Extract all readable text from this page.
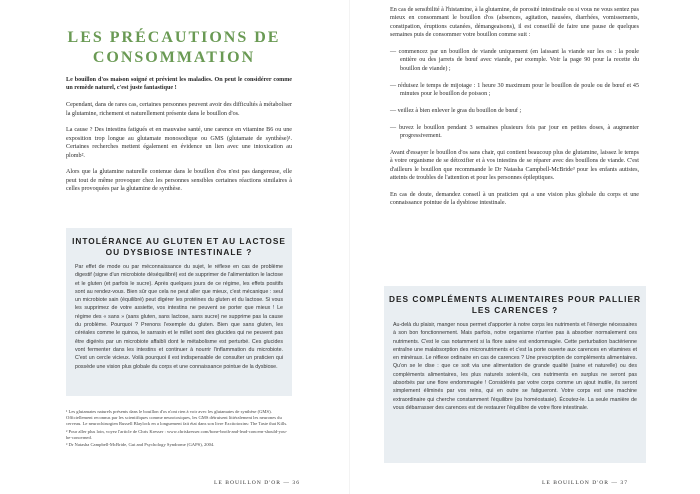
LES PRÉCAUTIONS DE
CONSOMMATION

Le bouillon d'os maison soigné et prévient les maladies. On peut le considérer comme un remède naturel, c'est juste fantastique !

Cependant, dans de rares cas, certaines personnes peuvent avoir des difficultés à métaboliser la glutamine, richement et naturellement présente dans le bouillon d'os.

La cause ? Des intestins fatigués et en mauvaise santé, une carence en vitamine B6 ou une exposition trop longue au glutamate monosodique ou GMS (glutamate de synthèse)¹. Certaines recherches mettent également en évidence un lien avec une intoxication au plomb².

Alors que la glutamine naturelle contenue dans le bouillon d'os n'est pas dangereuse, elle peut tout de même provoquer chez les personnes sensibles certaines réactions similaires à celles provoquées par la glutamine de synthèse.

INTOLÉRANCE AU GLUTEN ET AU LACTOSE OU DYSBIOSE INTESTINALE ?
Par effet de mode ou par méconnaissance du sujet, le réflexe en cas de problème digestif (signe d'un microbiote déséquilibré) est de supprimer de l'alimentation le lactose et le gluten (et parfois le sucre). Après quelques jours de ce régime, les effets positifs sont au rendez-vous. Bien sûr que cela ne peut aller que mieux, c'est mécanique : seul un microbiote sain (équilibré) peut digérer les protéines du gluten et du lactose. Si vous les supprimez de votre assiette, vos intestins ne peuvent se porter que mieux ! Le régime des « sans » (sans gluten, sans lactose, sans sucre) ne supprime pas la cause du problème. Pourquoi ? Prenons l'exemple du gluten. Bien que sans gluten, les céréales comme le quinoa, le sarrasin et le millet sont des glucides qui ne peuvent pas être digérés par un microbiote affaibli dont le métabolisme est perturbé. Ces glucides vont fermenter dans les intestins et continuer à nourrir l'inflammation du microbiote. C'est un cercle vicieux. Voilà pourquoi il est indispensable de consulter un praticien qui possède une vision plus globale du corps et une connaissance pointue de la dysbiose.
¹ Les glutamates naturels présents dans le bouillon d'os n'ont rien à voir avec les glutamates de synthèse (GMS). Officiellement reconnus par les scientifiques comme neurotoxiques, les GMS détruisent littéralement les neurones du cerveau. Le neurochirurgien Russell Blaylock en a longuement fait état dans son livre Excitotoxins: The Taste that Kills.
² Pour aller plus loin, voyez l'article de Chris Kresser : www.chriskresser.com/bone-broth-and-lead-concern-should-you-be-concerned.
³ Dr Natasha Campbell-McBride, Gut and Psychology Syndrome (GAPS), 2004.
LE BOUILLON D'OR — 36

En cas de sensibilité à l'histamine, à la glutamine, de porosité intestinale ou si vous ne vous sentez pas mieux en consommant le bouillon d'os (absences, agitation, nausées, diarrhées, vomissements, constipation, éruptions cutanées, démangeaisons), il est conseillé de faire une pause de quelques semaines puis de consommer votre bouillon comme suit :

— commencez par un bouillon de viande uniquement (en laissant la viande sur les os : la poule entière ou des jarrets de bœuf avec viande, par exemple. Voir la page 90 pour la recette du bouillon de viande) ;
— réduisez le temps de mijotage : 1 heure 30 maximum pour le bouillon de poule ou de bœuf et 45 minutes pour le bouillon de poisson ;
— veillez à bien enlever le gras du bouillon de bœuf ;
— buvez le bouillon pendant 3 semaines plusieurs fois par jour en petites doses, à augmenter progressivement.

Avant d'essayer le bouillon d'os sans chair, qui contient beaucoup plus de glutamine, laissez le temps à votre organisme de se détoxifier et à vos intestins de se réparer avec des bouillons de viande. C'est d'ailleurs le bouillon que recommande le Dr Natasha Campbell-McBride³ pour les enfants autistes, atteints de troubles de l'attention et pour les personnes épileptiques.

En cas de doute, demandez conseil à un praticien qui a une vision plus globale du corps et une connaissance pointue de la dysbiose intestinale.

DES COMPLÉMENTS ALIMENTAIRES POUR PALLIER LES CARENCES ?
Au-delà du plaisir, manger nous permet d'apporter à notre corps les nutriments et l'énergie nécessaires à son bon fonctionnement. Mais parfois, notre organisme n'arrive pas à absorber normalement ces nutriments. C'est le cas notamment si la flore saine est endommagée. Cette perturbation bactérienne entraîne une malabsorption des micronutriments et c'est la porte ouverte aux carences en vitamines et en minéraux. Le réflexe ordinaire en cas de carences ? Une prescription de compléments alimentaires. Qu'on se le dise : que ce soit via une alimentation de grande qualité (saine et naturelle) ou des compléments alimentaires, les plus naturels soient-ils, ces nutriments en surplus ne seront pas absorbés par une flore endommagée ! Considérés par votre corps comme un ajout inutile, ils seront simplement éliminés par vos reins, qui en outre se fatigueront. Votre corps est une machine extraordinaire qui cherche constamment l'équilibre (ou homéostasie). Écoutez-le. La seule manière de vous débarrasser des carences est de restaurer l'équilibre de votre flore intestinale.
LE BOUILLON D'OR — 37
